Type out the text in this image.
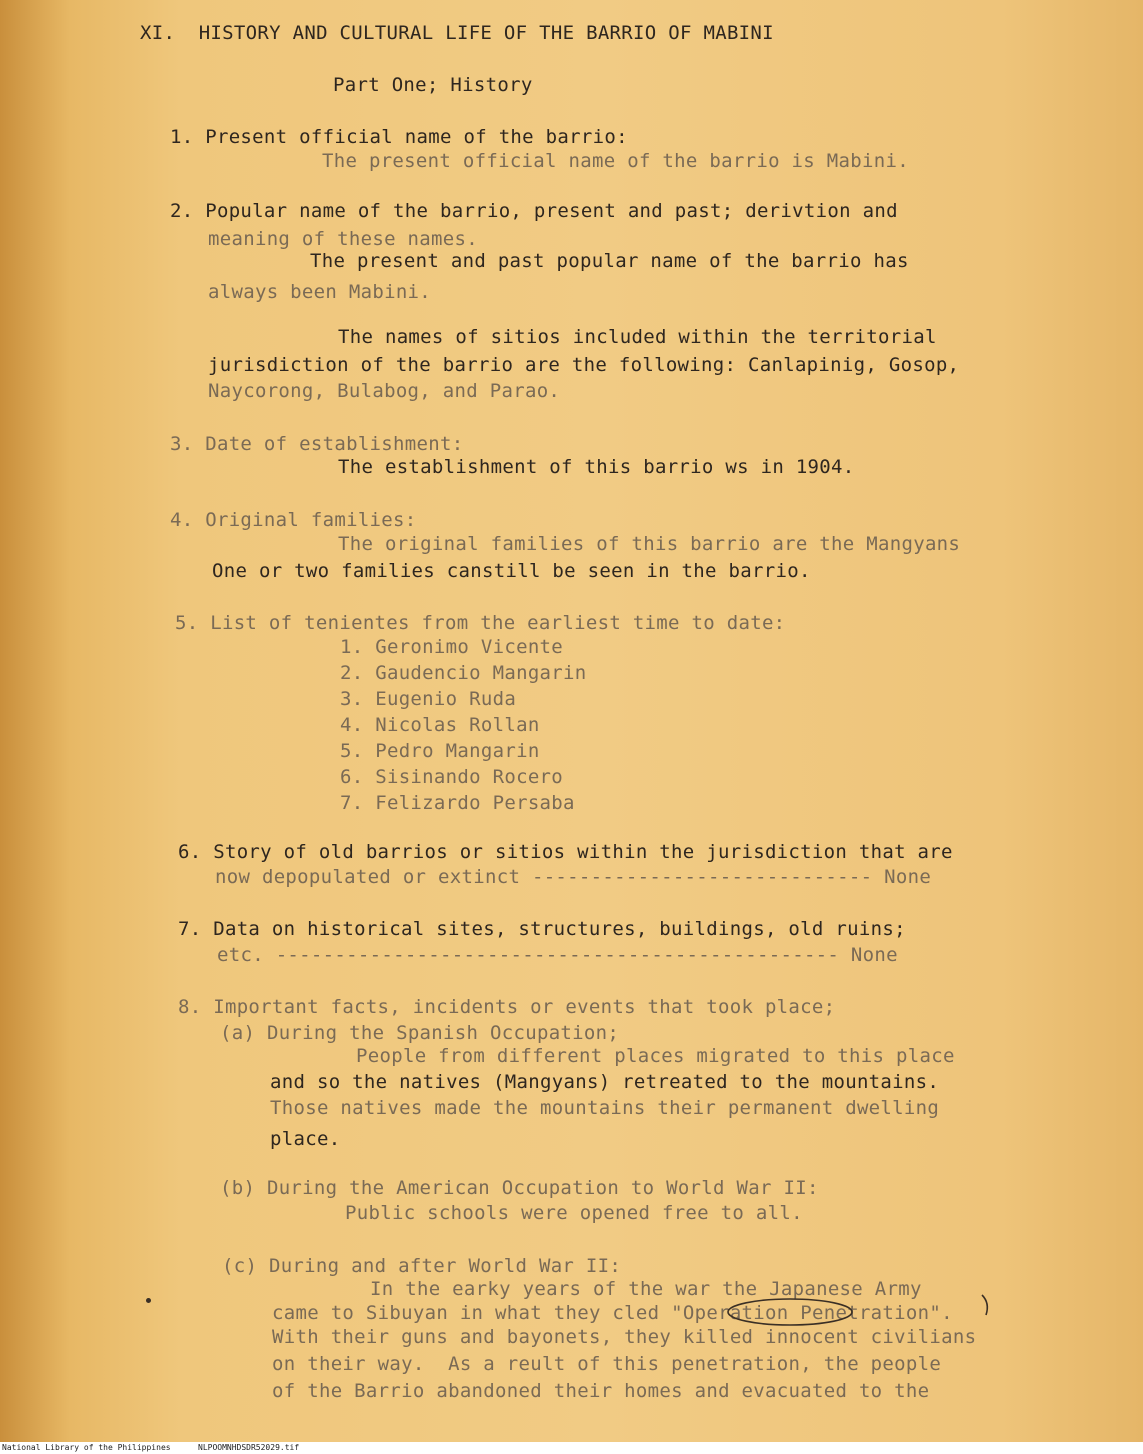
XI.  HISTORY AND CULTURAL LIFE OF THE BARRIO OF MABINI
Part One; History
1. Present official name of the barrio:
The present official name of the barrio is Mabini.
2. Popular name of the barrio, present and past; derivtion and
meaning of these names.
The present and past popular name of the barrio has
always been Mabini.
The names of sitios included within the territorial
jurisdiction of the barrio are the following: Canlapinig, Gosop,
Naycorong, Bulabog, and Parao.
3. Date of establishment:
The establishment of this barrio ws in 1904.
4. Original families:
The original families of this barrio are the Mangyans
One or two families canstill be seen in the barrio.
5. List of tenientes from the earliest time to date:
1. Geronimo Vicente
2. Gaudencio Mangarin
3. Eugenio Ruda
4. Nicolas Rollan
5. Pedro Mangarin
6. Sisinando Rocero
7. Felizardo Persaba
6. Story of old barrios or sitios within the jurisdiction that are
now depopulated or extinct ----------------------------- None
7. Data on historical sites, structures, buildings, old ruins;
etc. ------------------------------------------------ None
8. Important facts, incidents or events that took place;
(a) During the Spanish Occupation;
People from different places migrated to this place
and so the natives (Mangyans) retreated to the mountains.
Those natives made the mountains their permanent dwelling
place.
(b) During the American Occupation to World War II:
Public schools were opened free to all.
(c) During and after World War II:
In the earky years of the war the Japanese Army
came to Sibuyan in what they cled "Operation Penetration".
With their guns and bayonets, they killed innocent civilians
on their way.  As a reult of this penetration, the people
of the Barrio abandoned their homes and evacuated to the
National Library of the Philippines	NLPOOMNHDSDR52029.tif
